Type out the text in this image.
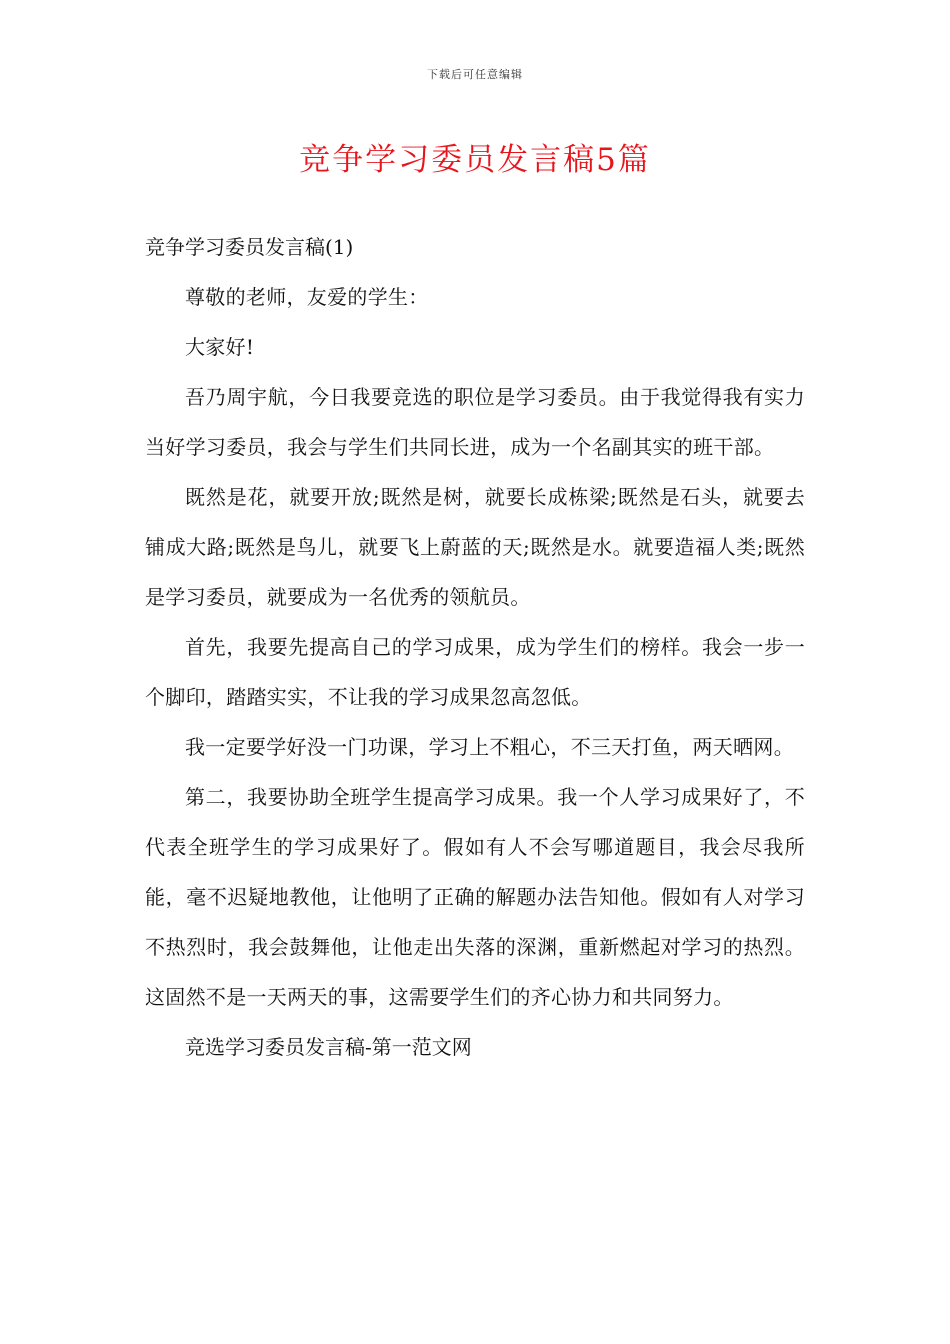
下载后可任意编辑
竞争学习委员发言稿5篇

竞争学习委员发言稿(1)

尊敬的老师，友爱的学生：

大家好!

吾乃周宇航，今日我要竞选的职位是学习委员。由于我觉得我有实力当好学习委员，我会与学生们共同长进，成为一个名副其实的班干部。

既然是花，就要开放;既然是树，就要长成栋梁;既然是石头，就要去铺成大路;既然是鸟儿，就要飞上蔚蓝的天;既然是水。就要造福人类;既然是学习委员，就要成为一名优秀的领航员。

首先，我要先提高自己的学习成果，成为学生们的榜样。我会一步一个脚印，踏踏实实，不让我的学习成果忽高忽低。

我一定要学好没一门功课，学习上不粗心，不三天打鱼，两天晒网。

第二，我要协助全班学生提高学习成果。我一个人学习成果好了，不代表全班学生的学习成果好了。假如有人不会写哪道题目，我会尽我所能，毫不迟疑地教他，让他明了正确的解题办法告知他。假如有人对学习不热烈时，我会鼓舞他，让他走出失落的深渊，重新燃起对学习的热烈。这固然不是一天两天的事，这需要学生们的齐心协力和共同努力。

竞选学习委员发言稿-第一范文网
